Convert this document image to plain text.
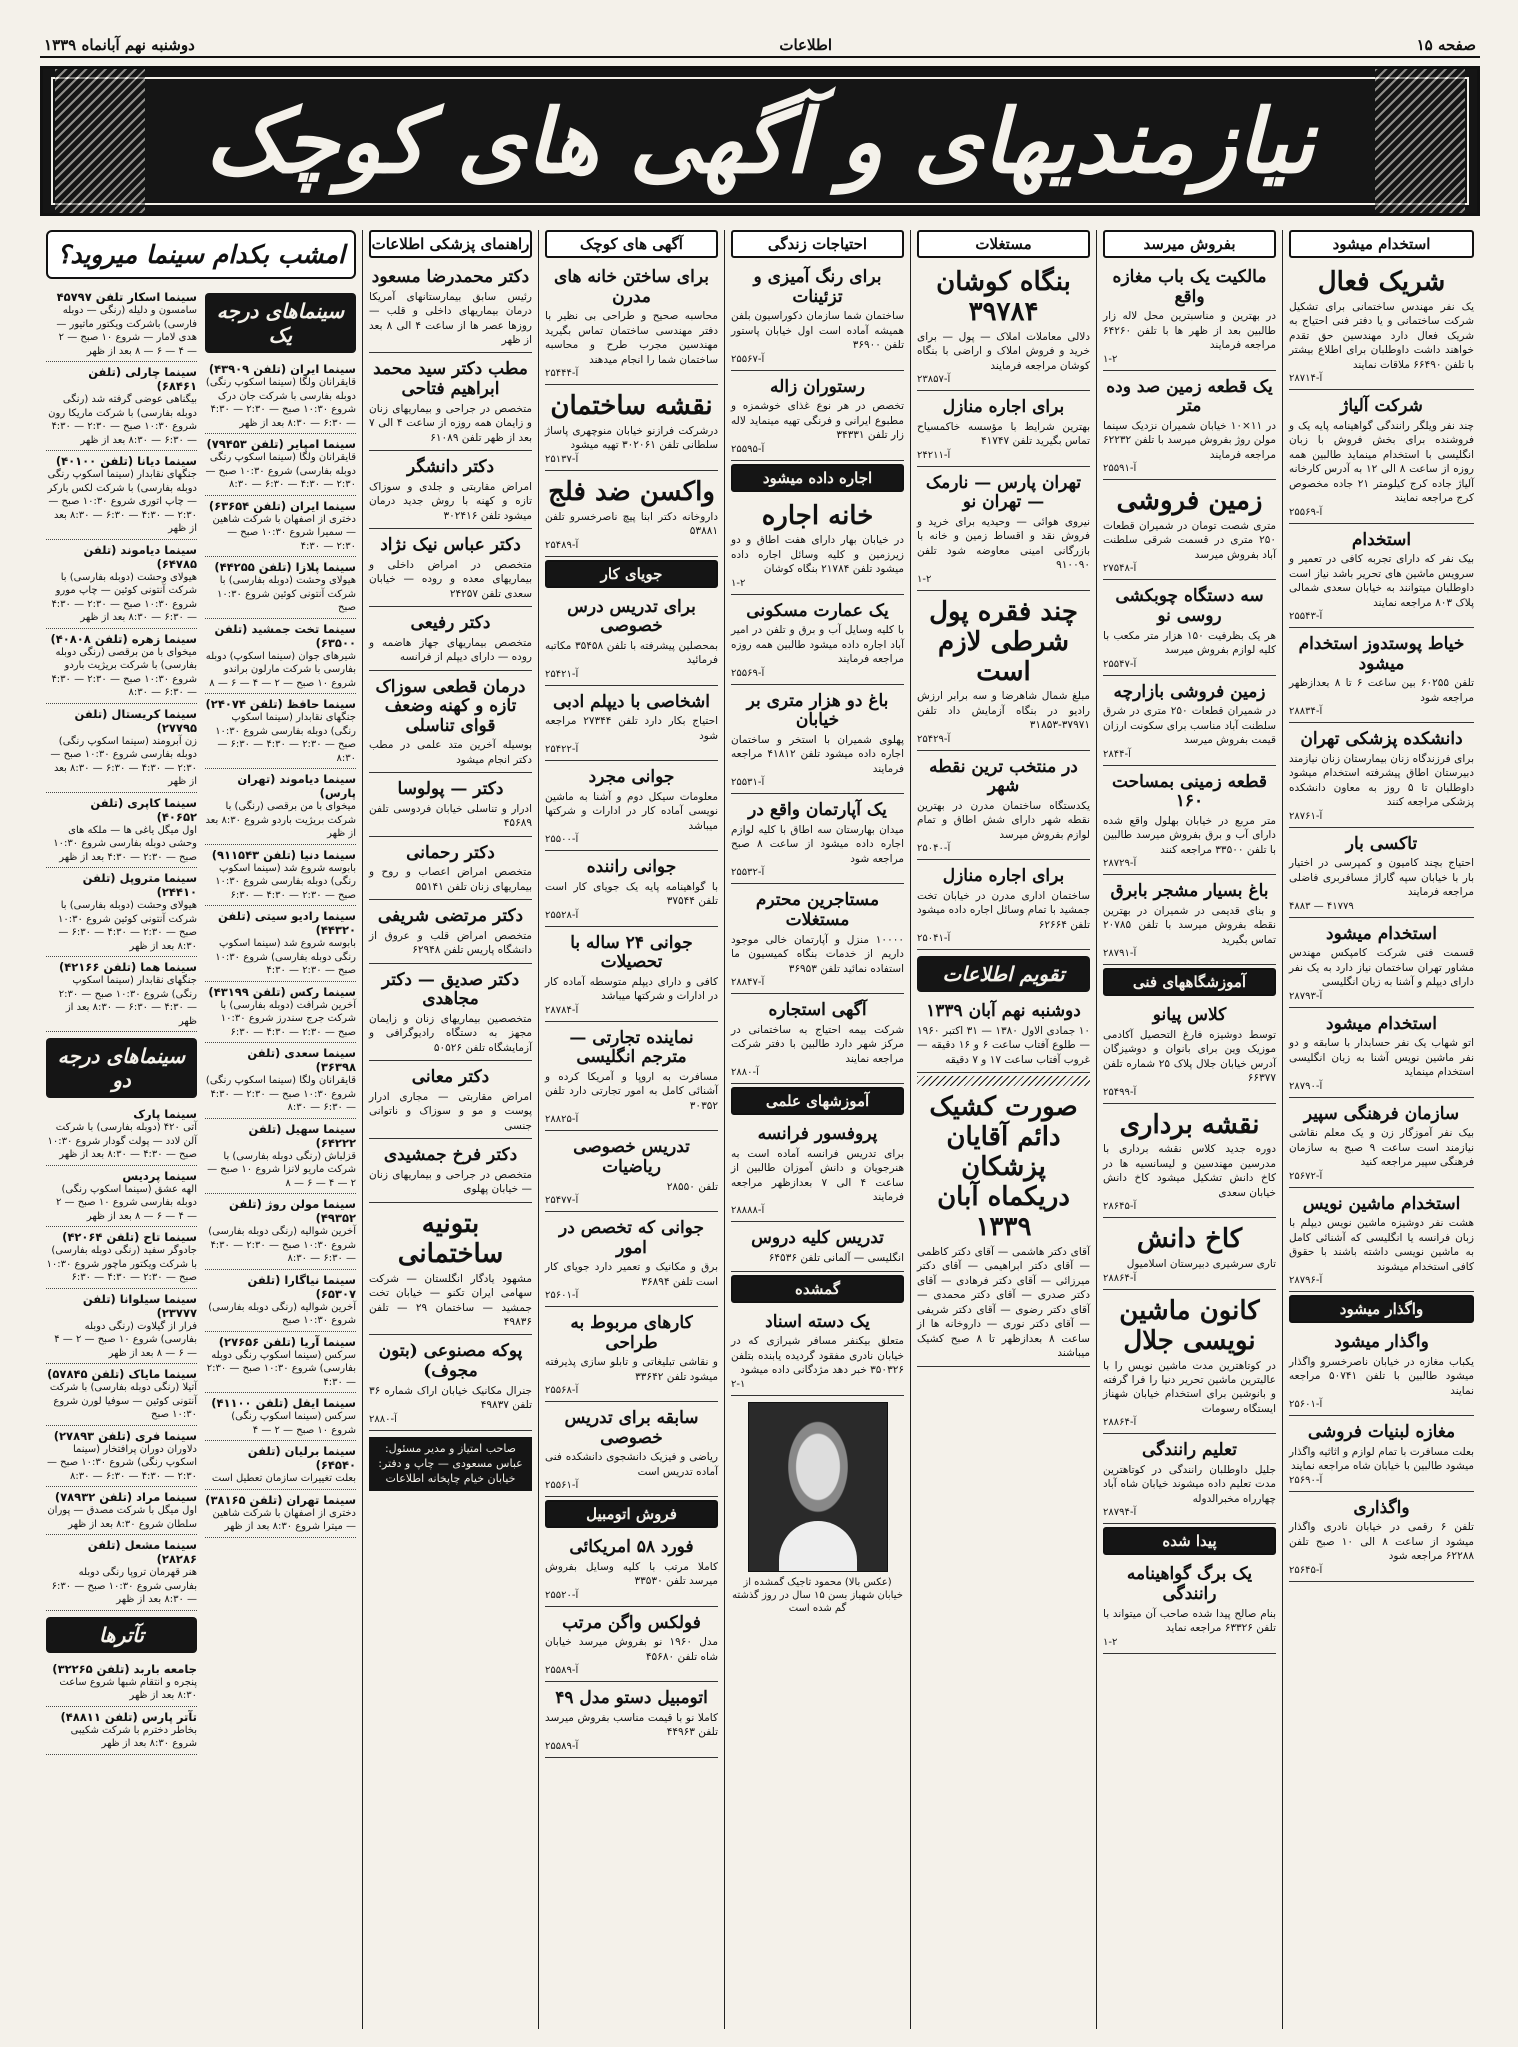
صفحه ۱۵
اطلاعات
دوشنبه نهم آبانماه ۱۳۳۹
نیازمندیهای و آگهی های کوچک
استخدام میشود
شریک فعال

یک نفر مهندس ساختمانی برای تشکیل شرکت ساختمانی و یا دفتر فنی احتیاج به شریک فعال دارد مهندسین حق تقدم خواهند داشت داوطلبان برای اطلاع بیشتر با تلفن ۶۶۴۹۰ ملاقات نمایند

آ-۲۸۷۱۴
شرکت آلیاژ

چند نفر ویلگر رانندگی گواهینامه پایه یک و فروشنده برای بخش فروش با زبان انگلیسی با استخدام مینماید طالبین همه روزه از ساعت ۸ الی ۱۲ به آدرس کارخانه آلیاژ جاده کرج کیلومتر ۲۱ جاده مخصوص کرج مراجعه نمایند

آ-۲۵۵۶۹
استخدام

بیک نفر که دارای تجربه کافی در تعمیر و سرویس ماشین های تحریر باشد نیاز است داوطلبان میتوانند به خیابان سعدی شمالی پلاک ۸۰۳ مراجعه نمایند

آ-۲۵۵۴۳
خیاط پوستدوز استخدام میشود

تلفن ۶۰۲۵۵ بین ساعت ۶ تا ۸ بعدازظهر مراجعه شود

آ-۲۸۸۳۴
دانشکده پزشکی تهران

برای فرزندگاه زنان بیمارستان زنان نیازمند دبیرستان اطاق پیشرفته استخدام میشود داوطلبان تا ۵ روز به معاون دانشکده پزشکی مراجعه کنند

آ-۲۸۷۶۱
تاکسی بار

احتیاج بچند کامیون و کمپرسی در اختیار بار با خیابان سپه گاراژ مسافربری فاضلی مراجعه فرمایند

۴۸۸۳ — ۴۱۷۷۹
استخدام میشود

قسمت فنی شرکت کامپکس مهندس مشاور تهران ساختمان نیاز دارد به یک نفر دارای دیپلم و آشنا به زبان انگلیسی

آ-۲۸۷۹۳
استخدام میشود

اتو شهاب یک نفر حسابدار با سابقه و دو نفر ماشین نویس آشنا به زبان انگلیسی استخدام مینماید

آ-۲۸۷۹۰
سازمان فرهنگی سپیر

بیک نفر آموزگار زن و یک معلم نقاشی نیازمند است ساعت ۹ صبح به سازمان فرهنگی سپیر مراجعه کنید

آ-۲۵۶۷۲
استخدام ماشین نویس

هشت نفر دوشیزه ماشین نویس دیپلم با زبان فرانسه یا انگلیسی که آشنائی کامل به ماشین نویسی داشته باشند با حقوق کافی استخدام میشوند

آ-۲۸۷۹۶
واگذار میشود
واگذار میشود

یکباب مغازه در خیابان ناصرخسرو واگذار میشود طالبین با تلفن ۵۰۷۴۱ مراجعه نمایند

آ-۲۵۶۰۱
مغازه لبنیات فروشی

بعلت مسافرت با تمام لوازم و اثاثیه واگذار میشود طالبین با خیابان شاه مراجعه نمایند

آ-۲۵۶۹۰
واگذاری

تلفن ۶ رقمی در خیابان نادری واگذار میشود از ساعت ۸ الی ۱۰ صبح تلفن ۶۲۲۸۸ مراجعه شود

آ-۲۵۶۴۵
بفروش میرسد
مالکیت یک باب مغازه واقع

در بهترین و مناسبترین محل لاله زار طالبین بعد از ظهر ها با تلفن ۶۴۲۶۰ مراجعه فرمایند

۱-۲
یک قطعه زمین صد وده متر

در ۱۱×۱۰ خیابان شمیران نزدیک سینما مولن روژ بفروش میرسد با تلفن ۶۲۲۳۲ مراجعه فرمایند

آ-۲۵۵۹۱
زمین فروشی

متری شصت تومان در شمیران قطعات ۲۵۰ متری در قسمت شرقی سلطنت آباد بفروش میرسد

آ-۲۷۵۴۸
سه دستگاه چوبکشی روسی نو

هر یک بظرفیت ۱۵۰ هزار متر مکعب با کلیه لوازم بفروش میرسد

آ-۲۵۵۴۷
زمین فروشی بازارچه

در شمیران قطعات ۲۵۰ متری در شرق سلطنت آباد مناسب برای سکونت ارزان قیمت بفروش میرسد

آ-۲۸۴۴
قطعه زمینی بمساحت ۱۶۰

متر مربع در خیابان بهلول واقع شده دارای آب و برق بفروش میرسد طالبین با تلفن ۳۳۵۰۰ مراجعه کنند

آ-۲۸۷۲۹
باغ بسیار مشجر بابرق

و بنای قدیمی در شمیران در بهترین نقطه بفروش میرسد با تلفن ۲۰۷۸۵ تماس بگیرید

آ-۲۸۷۹۱
آموزشگاههای فنی
کلاس پیانو

توسط دوشیزه فارغ التحصیل آکادمی موزیک وین برای بانوان و دوشیزگان آدرس خیابان جلال پلاک ۲۵ شماره تلفن ۶۶۳۷۷

آ-۲۵۴۹۹
نقشه برداری

دوره جدید کلاس نقشه برداری با مدرسین مهندسین و لیسانسیه ها در کاخ دانش تشکیل میشود کاخ دانش خیابان سعدی

آ-۲۸۶۴۵
کاخ دانش

تاری سرشیری دبیرستان اسلامیول

آ-۲۸۸۶۴
کانون ماشین نویسی جلال

در کوتاهترین مدت ماشین نویس را با عالیترین ماشین تحریر دنیا را فرا گرفته و بانوشین برای استخدام خیابان شهناز ایستگاه رسومات

آ-۲۸۸۶۴
تعلیم رانندگی

جلیل داوطلبان رانندگی در کوتاهترین مدت تعلیم داده میشوند خیابان شاه آباد چهارراه مخبرالدوله

آ-۲۸۷۹۴
پیدا شده
یک برگ گواهینامه رانندگی

بنام صالح پیدا شده صاحب آن میتواند با تلفن ۶۳۳۲۶ مراجعه نماید

۱-۲
مستغلات
بنگاه کوشان ۳۹۷۸۴

دلالی معاملات املاک — پول — برای خرید و فروش املاک و اراضی با بنگاه کوشان مراجعه فرمایند

آ-۲۳۸۵۷
برای اجاره منازل

بهترین شرایط با مؤسسه خاکمسیاح تماس بگیرید تلفن ۴۱۷۴۷

آ-۲۴۲۱۱
تهران پارس — نارمک — تهران نو

نیروی هوائی — وحیدیه برای خرید و فروش نقد و اقساط زمین و خانه با بازرگانی امینی معاوضه شود تلفن ۹۱۰۰۹۰

۱-۲
چند فقره پول شرطی لازم است

مبلغ شمال شاهرضا و سه برابر ارزش رادیو در بنگاه آزمایش داد تلفن ۳۷۹۷۱-۳۱۸۵۳

آ-۲۵۴۲۹
در منتخب ترین نقطه شهر

یکدستگاه ساختمان مدرن در بهترین نقطه شهر دارای شش اطاق و تمام لوازم بفروش میرسد

آ-۲۵۰۴۰
برای اجاره منازل

ساختمان اداری مدرن در خیابان تخت جمشید با تمام وسائل اجاره داده میشود تلفن ۶۲۶۶۴

آ-۲۵۰۴۱
تقویم اطلاعات
دوشنبه نهم آبان ۱۳۳۹

۱۰ جمادی الاول ۱۳۸۰ — ۳۱ اکتبر ۱۹۶۰ — طلوع آفتاب ساعت ۶ و ۱۶ دقیقه — غروب آفتاب ساعت ۱۷ و ۷ دقیقه

صورت کشیک دائم آقایان پزشکان دریکماه آبان ۱۳۳۹

آقای دکتر هاشمی — آقای دکتر کاظمی — آقای دکتر ابراهیمی — آقای دکتر میرزائی — آقای دکتر فرهادی — آقای دکتر صدری — آقای دکتر محمدی — آقای دکتر رضوی — آقای دکتر شریفی — آقای دکتر نوری — داروخانه ها از ساعت ۸ بعدازظهر تا ۸ صبح کشیک میباشند

احتیاجات زندگی
برای رنگ آمیزی و تزئینات

ساختمان شما سازمان دکوراسیون بلفن همیشه آماده است اول خیابان پاستور تلفن ۳۶۹۰۰

آ-۲۵۵۶۷
رستوران زاله

تخصص در هر نوع غذای خوشمزه و مطبوع ایرانی و فرنگی تهیه مینماید لاله زار تلفن ۳۴۳۳۱

آ-۲۵۵۹۵
اجاره داده میشود
خانه اجاره

در خیابان بهار دارای هفت اطاق و دو زیرزمین و کلیه وسائل اجاره داده میشود تلفن ۲۱۷۸۴ بنگاه کوشان

۱-۲
یک عمارت مسکونی

با کلیه وسایل آب و برق و تلفن در امیر آباد اجاره داده میشود طالبین همه روزه مراجعه فرمایند

آ-۲۵۵۶۹
باغ دو هزار متری بر خیابان

پهلوی شمیران با استخر و ساختمان اجاره داده میشود تلفن ۴۱۸۱۲ مراجعه فرمایند

آ-۲۵۵۳۱
یک آپارتمان واقع در

میدان بهارستان سه اطاق با کلیه لوازم اجاره داده میشود از ساعت ۸ صبح مراجعه شود

آ-۲۵۵۳۲
مستاجرین محترم مستغلات

۱۰۰۰۰ منزل و آپارتمان خالی موجود داریم از خدمات بنگاه کمیسیون ما استفاده نمائید تلفن ۳۶۹۵۳

آ-۲۸۸۴۷
آگهی استجاره

شرکت بیمه احتیاج به ساختمانی در مرکز شهر دارد طالبین با دفتر شرکت مراجعه نمایند

آ-۲۸۸۰
آموزشهای علمی
پروفسور فرانسه

برای تدریس فرانسه آماده است به هنرجویان و دانش آموزان طالبین از ساعت ۴ الی ۷ بعدازظهر مراجعه فرمایند

آ-۲۸۸۸۸
تدریس کلیه دروس

انگلیسی — آلمانی تلفن ۶۴۵۳۶

گمشده
یک دسته اسناد

متعلق بیکنفر مسافر شیرازی که در خیابان نادری مفقود گردیده یابنده بتلفن ۳۵۰۳۲۶ خبر دهد مژدگانی داده میشود

۲-۱
(عکس بالا) محمود تاجیک گمشده از خیابان شهباز بسن ۱۵ سال در روز گذشته گم شده است
آگهی های کوچک
برای ساختن خانه های مدرن

محاسبه صحیح و طراحی بی نظیر با دفتر مهندسی ساختمان تماس بگیرید مهندسین مجرب طرح و محاسبه ساختمان شما را انجام میدهند

آ-۲۵۴۴۴
نقشه ساختمان

درشرکت فرازنو خیابان منوچهری پاساژ سلطانی تلفن ۳۰۲۰۶۱ تهیه میشود

آ-۲۵۱۳۷
واکسن ضد فلج

داروخانه دکتر ابنا پیچ ناصرخسرو تلفن ۵۳۸۸۱

آ-۲۵۴۸۹
جویای کار
برای تدریس درس خصوصی

بمحصلین پیشرفته با تلفن ۳۵۴۵۸ مکاتبه فرمائید

آ-۲۵۴۲۱
اشخاصی با دیپلم ادبی

احتیاج بکار دارد تلفن ۲۷۳۴۴ مراجعه شود

آ-۲۵۴۲۲
جوانی مجرد

معلومات سیکل دوم و آشنا به ماشین نویسی آماده کار در ادارات و شرکتها میباشد

آ-۲۵۵۰۰
جوانی راننده

با گواهینامه پایه یک جویای کار است تلفن ۳۷۵۴۴

آ-۲۵۵۲۸
جوانی ۲۴ ساله با تحصیلات

کافی و دارای دیپلم متوسطه آماده کار در ادارات و شرکتها میباشد

آ-۲۸۷۸۴
نماینده تجارتی — مترجم انگلیسی

مسافرت به اروپا و آمریکا کرده و آشنائی کامل به امور تجارتی دارد تلفن ۳۰۳۵۲

آ-۲۸۸۲۵
تدریس خصوصی ریاضیات

تلفن ۲۸۵۵۰

آ-۲۵۴۷۷
جوانی که تخصص در امور

برق و مکانیک و تعمیر دارد جویای کار است تلفن ۳۶۸۹۴

آ-۲۵۶۰۱
کارهای مربوط به طراحی

و نقاشی تبلیغاتی و تابلو سازی پذیرفته میشود تلفن ۳۳۶۴۲

آ-۲۵۵۶۸
سابقه برای تدریس خصوصی

ریاضی و فیزیک دانشجوی دانشکده فنی آماده تدریس است

آ-۲۵۵۶۱
فروش اتومبیل
فورد ۵۸ امریکائی

کاملا مرتب با کلیه وسایل بفروش میرسد تلفن ۳۳۵۳۰

آ-۲۵۵۲۰
فولکس واگن مرتب

مدل ۱۹۶۰ نو بفروش میرسد خیابان شاه تلفن ۴۵۶۸۰

آ-۲۵۵۸۹
اتومبیل دستو مدل ۴۹

کاملا نو با قیمت مناسب بفروش میرسد تلفن ۴۴۹۶۳

آ-۲۵۵۸۹
راهنمای پزشکی اطلاعات
دکتر محمدرضا مسعود

رئیس سابق بیمارستانهای آمریکا درمان بیماریهای داخلی و قلب — روزها عصر ها از ساعت ۴ الی ۸ بعد از ظهر

مطب دکتر سید محمد ابراهیم فتاحی

متخصص در جراحی و بیماریهای زنان و زایمان همه روزه از ساعت ۴ الی ۷ بعد از ظهر تلفن ۶۱۰۸۹

دکتر دانشگر

امراض مقاربتی و جلدی و سوزاک تازه و کهنه با روش جدید درمان میشود تلفن ۳۰۲۴۱۶

دکتر عباس نیک نژاد

متخصص در امراض داخلی و بیماریهای معده و روده — خیابان سعدی تلفن ۲۴۲۵۷

دکتر رفیعی

متخصص بیماریهای جهاز هاضمه و روده — دارای دیپلم از فرانسه

درمان قطعی سوزاک تازه و کهنه وضعف قوای تناسلی

بوسیله آخرین متد علمی در مطب دکتر انجام میشود

دکتر — پولوسا

ادرار و تناسلی خیابان فردوسی تلفن ۴۵۶۸۹

دکتر رحمانی

متخصص امراض اعصاب و روح و بیماریهای زنان تلفن ۵۵۱۴۱

دکتر مرتضی شریفی

متخصص امراض قلب و عروق از دانشگاه پاریس تلفن ۶۲۹۴۸

دکتر صدیق — دکتر مجاهدی

متخصصین بیماریهای زنان و زایمان مجهز به دستگاه رادیوگرافی و آزمایشگاه تلفن ۵۰۵۲۶

دکتر معانی

امراض مقاربتی — مجاری ادرار پوست و مو و سوزاک و ناتوانی جنسی

دکتر فرخ جمشیدی

متخصص در جراحی و بیماریهای زنان — خیابان پهلوی

بتونیه ساختمانی

مشهود یادگار انگلستان — شرکت سهامی ایران تکنو — خیابان تخت جمشید — ساختمان ۲۹ — تلفن ۴۹۸۳۶

پوکه مصنوعی (بتون مجوف)

جنرال مکانیک خیابان اراک شماره ۳۶ تلفن ۴۹۸۳۷

آ-۲۸۸۰
صاحب امتیاز و مدیر مسئول: عباس مسعودی — چاپ و دفتر: خیابان خیام چاپخانه اطلاعات
امشب بکدام سینما میروید؟
سینماهای درجه یک
سینما ایران (تلفن ۴۳۹۰۹)
قایقرانان ولگا (سینما اسکوپ رنگی) دوبله بفارسی با شرکت جان درک شروع ۱۰:۳۰ صبح — ۲:۳۰ — ۴:۳۰ — ۶:۳۰ — ۸:۳۰ بعد از ظهر
سینما امپایر (تلفن ۷۹۴۵۳)
قایقرانان ولگا (سینما اسکوپ رنگی دوبله بفارسی) شروع ۱۰:۳۰ صبح — ۲:۳۰ — ۴:۳۰ — ۶:۳۰ — ۸:۳۰
سینما ایران (تلفن ۶۳۶۵۴)
دختری از اصفهان با شرکت شاهین — سمیرا شروع ۱۰:۳۰ صبح — ۲:۳۰ — ۴:۳۰
سینما پلازا (تلفن ۴۴۲۵۵)
هیولای وحشت (دوبله بفارسی) با شرکت آنتونی کوئین شروع ۱۰:۳۰ صبح
سینما تخت جمشید (تلفن ۶۳۵۰۰)
شیرهای جوان (سینما اسکوپ) دوبله بفارسی با شرکت مارلون براندو شروع ۱۰ صبح — ۲ — ۴ — ۶ — ۸
سینما حافظ (تلفن ۲۴۰۷۴)
جنگهای نقابدار (سینما اسکوپ رنگی) دوبله بفارسی شروع ۱۰:۳۰ صبح — ۲:۳۰ — ۴:۳۰ — ۶:۳۰ — ۸:۳۰
سینما دیاموند (تهران پارس)
میخوای با من برقصی (رنگی) با شرکت بریژیت باردو شروع ۸:۳۰ بعد از ظهر
سینما دنیا (تلفن ۹۱۱۵۴۳)
بابوسه شروع شد (سینما اسکوپ رنگی) دوبله بفارسی شروع ۱۰:۳۰ صبح — ۲:۳۰ — ۴:۳۰ — ۶:۳۰
سینما رادیو سیتی (تلفن ۴۴۳۲۰)
بابوسه شروع شد (سینما اسکوپ رنگی دوبله بفارسی) شروع ۱۰:۳۰ صبح — ۲:۳۰ — ۴:۳۰
سینما رکس (تلفن ۴۳۱۹۹)
آخرین شرافت (دوبله بفارسی) با شرکت جرج سندرز شروع ۱۰:۳۰ صبح — ۲:۳۰ — ۴:۳۰ — ۶:۳۰
سینما سعدی (تلفن ۳۶۳۹۸)
قایقرانان ولگا (سینما اسکوپ رنگی) شروع ۱۰:۳۰ صبح — ۲:۳۰ — ۴:۳۰ — ۶:۳۰ — ۸:۳۰
سینما سهیل (تلفن ۶۴۲۲۲)
قزلباش (رنگی دوبله بفارسی) با شرکت ماریو لانزا شروع ۱۰ صبح — ۲ — ۴ — ۶ — ۸
سینما مولن روژ (تلفن ۴۹۳۵۲)
آخرین شوالیه (رنگی دوبله بفارسی) شروع ۱۰:۳۰ صبح — ۲:۳۰ — ۴:۳۰ — ۶:۳۰ — ۸:۳۰
سینما نیاگارا (تلفن ۶۵۳۰۷)
آخرین شوالیه (رنگی دوبله بفارسی) شروع ۱۰:۳۰ صبح
سینما آریا (تلفن ۲۷۶۵۶)
سرکس (سینما اسکوپ رنگی دوبله بفارسی) شروع ۱۰:۳۰ صبح — ۲:۳۰ — ۴:۳۰
سینما ایفل (تلفن ۴۱۱۰۰)
سرکس (سینما اسکوپ رنگی) شروع ۱۰ صبح — ۲ — ۴
سینما برلیان (تلفن ۶۴۵۴۰)
بعلت تغییرات سازمان تعطیل است
سینما تهران (تلفن ۳۸۱۶۵)
دختری از اصفهان با شرکت شاهین — میترا شروع ۸:۳۰ بعد از ظهر
سینما اسکار تلفن ۴۵۷۹۷
سامسون و دلیله (رنگی — دوبله فارسی) باشرکت ویکتور ماتیور — هدی لامار — شروع ۱۰ صبح — ۲ — ۴ — ۶ — ۸ بعد از ظهر
سینما چارلی (تلفن ۶۸۴۶۱)
بیگناهی عوضی گرفته شد (رنگی دوبله بفارسی) با شرکت ماریکا رون شروع ۱۰:۳۰ صبح — ۲:۳۰ — ۴:۳۰ — ۶:۳۰ — ۸:۳۰ بعد از ظهر
سینما دیانا (تلفن ۴۰۱۰۰)
جنگهای نقابدار (سینما اسکوپ رنگی دوبله بفارسی) با شرکت لکس بارکر — چاپ اتوری شروع ۱۰:۳۰ صبح — ۲:۳۰ — ۴:۳۰ — ۶:۳۰ — ۸:۳۰ بعد از ظهر
سینما دیاموند (تلفن ۶۴۷۸۵)
هیولای وحشت (دوبله بفارسی) با شرکت آنتونی کوئین — چاپ مورو شروع ۱۰:۳۰ صبح — ۲:۳۰ — ۴:۳۰ — ۶:۳۰ — ۸:۳۰ بعد از ظهر
سینما زهره (تلفن ۴۰۸۰۸)
میخوای با من برقصی (رنگی دوبله بفارسی) با شرکت بریژیت باردو شروع ۱۰:۳۰ صبح — ۲:۳۰ — ۴:۳۰ — ۶:۳۰ — ۸:۳۰
سینما کریستال (تلفن ۲۷۷۹۵)
زن آبرومند (سینما اسکوپ رنگی) دوبله بفارسی شروع ۱۰:۳۰ صبح — ۲:۳۰ — ۴:۳۰ — ۶:۳۰ — ۸:۳۰ بعد از ظهر
سینما کاپری (تلفن ۴۰۶۵۲)
اول میگل یاغی ها — ملکه های وحشی دوبله بفارسی شروع ۱۰:۳۰ صبح — ۲:۳۰ — ۴:۳۰ بعد از ظهر
سینما متروپل (تلفن ۲۴۴۱۰)
هیولای وحشت (دوبله بفارسی) با شرکت آنتونی کوئین شروع ۱۰:۳۰ صبح — ۲:۳۰ — ۴:۳۰ — ۶:۳۰ — ۸:۳۰ بعد از ظهر
سینما هما (تلفن ۴۲۱۶۶)
جنگهای نقابدار (سینما اسکوپ رنگی) شروع ۱۰:۳۰ صبح — ۲:۳۰ — ۴:۳۰ — ۶:۳۰ — ۸:۳۰ بعد از ظهر
سینماهای درجه دو
سینما پارک
آتی ۴۲۰ (دوبله بفارسی) با شرکت آلن لادد — پولت گودار شروع ۱۰:۳۰ صبح — ۴:۳۰ — ۸:۳۰ بعد از ظهر
سینما پردیس
الهه عشق (سینما اسکوپ رنگی) دوبله بفارسی شروع ۱۰ صبح — ۲ — ۴ — ۶ — ۸ بعد از ظهر
سینما تاج (تلفن ۴۲۰۶۴)
جادوگر سفید (رنگی دوبله بفارسی) با شرکت ویکتور ماچور شروع ۱۰:۳۰ صبح — ۲:۳۰ — ۴:۳۰ — ۶:۳۰
سینما سیلوانا (تلفن ۲۳۷۷۷)
فرار از گیلاوت (رنگی دوبله بفارسی) شروع ۱۰ صبح — ۲ — ۴ — ۶ — ۸ بعد از ظهر
سینما مایاک (تلفن ۵۷۸۴۵)
آتیلا (رنگی دوبله بفارسی) با شرکت آنتونی کوئین — سوفیا لورن شروع ۱۰:۳۰ صبح
سینما فری (تلفن ۲۷۸۹۳)
دلاوران دوران پرافتخار (سینما اسکوپ رنگی) شروع ۱۰:۳۰ صبح — ۲:۳۰ — ۴:۳۰ — ۶:۳۰ — ۸:۳۰
سینما مراد (تلفن ۷۸۹۳۲)
اول میگل با شرکت مصدق — پوران سلطان شروع ۸:۳۰ بعد از ظهر
سینما مشعل (تلفن ۲۸۲۸۶)
هنر قهرمان تروپا رنگی دوبله بفارسی شروع ۱۰:۳۰ صبح — ۶:۳۰ — ۸:۳۰ بعد از ظهر
تآترها
جامعه باربد (تلفن ۳۲۲۶۵)
پنجره و انتقام شبها شروع ساعت ۸:۳۰ بعد از ظهر
تآتر پارس (تلفن ۴۸۸۱۱)
بخاطر دخترم با شرکت شکیبی شروع ۸:۳۰ بعد از ظهر
